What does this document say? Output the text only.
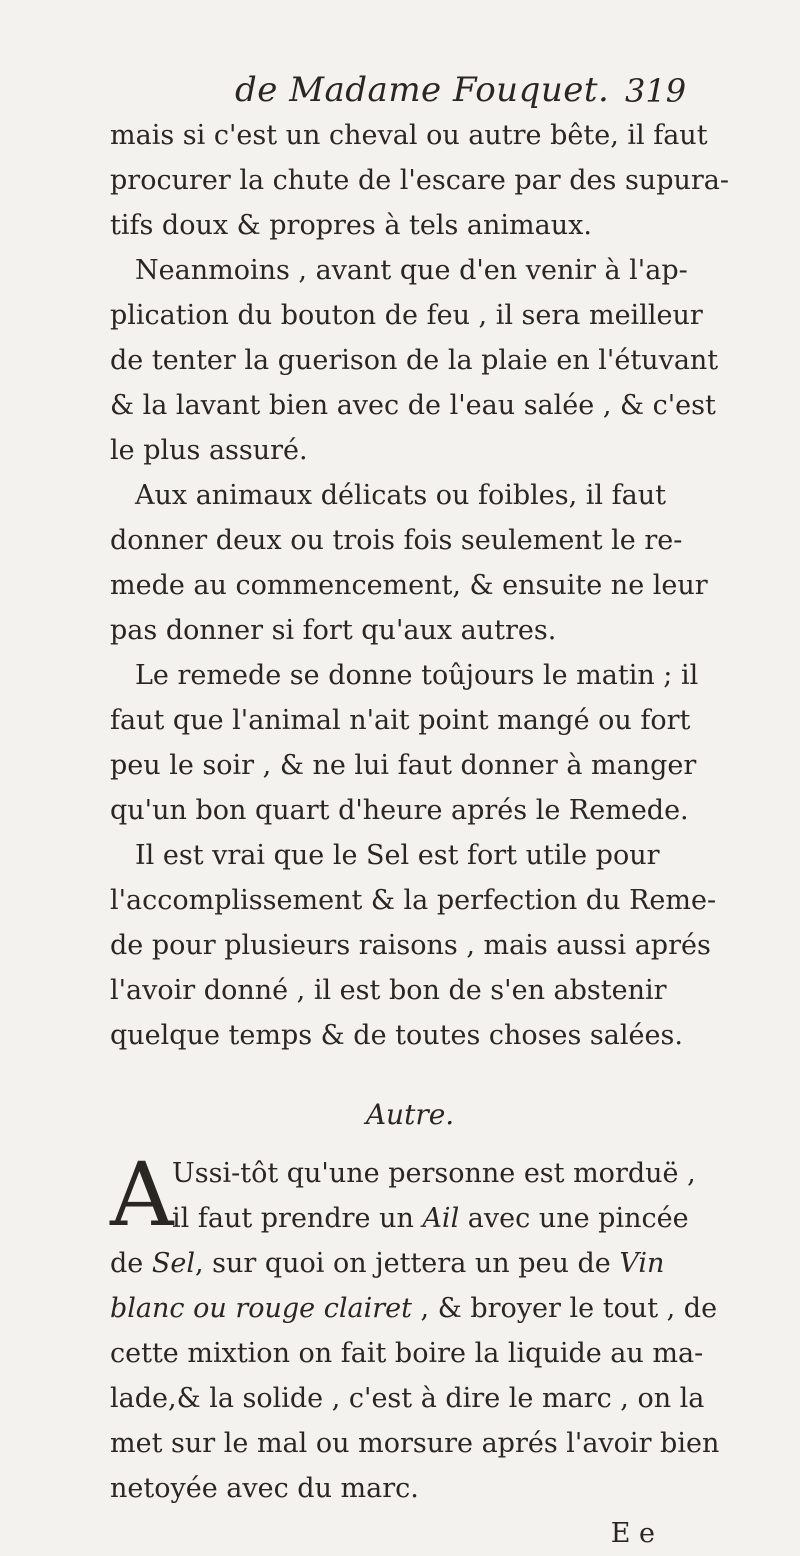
de Madame Fouquet. 319
mais si c'est un cheval ou autre bête, il faut
procurer la chute de l'escare par des supura-
tifs doux & propres à tels animaux.
Neanmoins , avant que d'en venir à l'ap-
plication du bouton de feu , il sera meilleur
de tenter la guerison de la plaie en l'étuvant
& la lavant bien avec de l'eau salée , & c'est
le plus assuré.
Aux animaux délicats ou foibles, il faut
donner deux ou trois fois seulement le re-
mede au commencement, & ensuite ne leur
pas donner si fort qu'aux autres.
Le remede se donne toûjours le matin ; il
faut que l'animal n'ait point mangé ou fort
peu le soir , & ne lui faut donner à manger
qu'un bon quart d'heure aprés le Remede.
Il est vrai que le Sel est fort utile pour
l'accomplissement & la perfection du Reme-
de pour plusieurs raisons , mais aussi aprés
l'avoir donné , il est bon de s'en abstenir
quelque temps & de toutes choses salées.
Autre.
A
Ussi-tôt qu'une personne est morduë ,
il faut prendre un Ail avec une pincée
de Sel, sur quoi on jettera un peu de Vin
blanc ou rouge clairet , & broyer le tout , de
cette mixtion on fait boire la liquide au ma-
lade,& la solide , c'est à dire le marc , on la
met sur le mal ou morsure aprés l'avoir bien
netoyée avec du marc.
E e
